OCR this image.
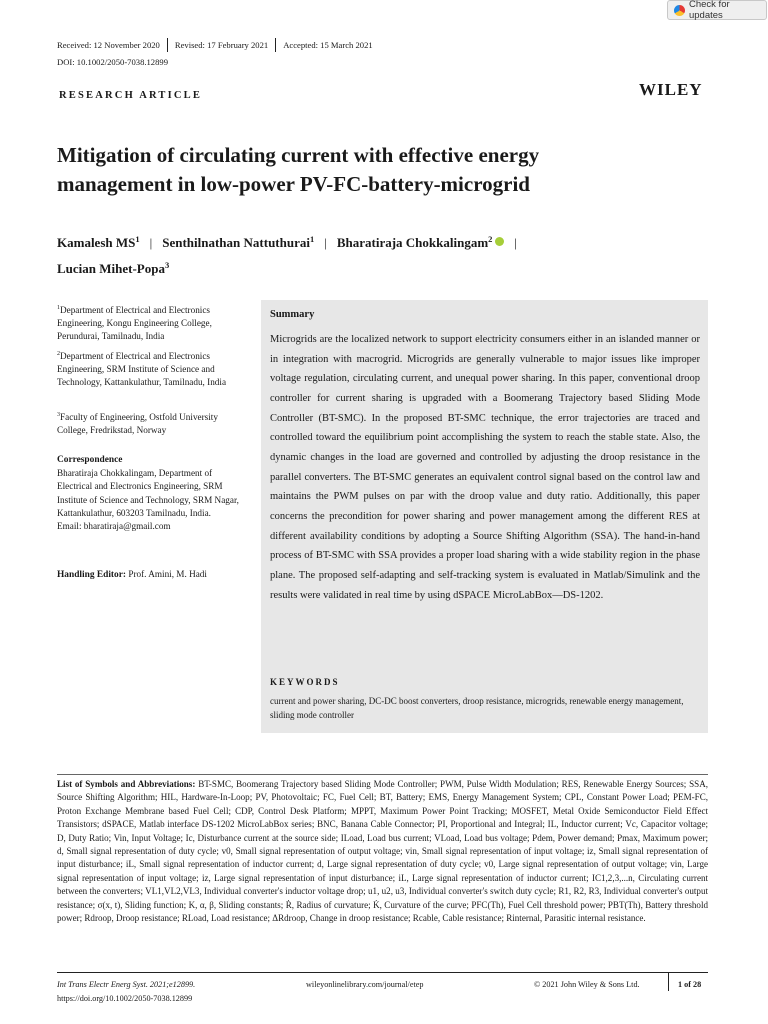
Check for updates
Received: 12 November 2020 Revised: 17 February 2021 Accepted: 15 March 2021
DOI: 10.1002/2050-7038.12899
RESEARCH ARTICLE	WILEY
Mitigation of circulating current with effective energy
management in low-power PV-FC-battery-microgrid
Kamalesh $MS^1$ | Senthilnathan Nattuthurai$^1$ | Bharatiraja Chokkalingam$^2$ |
Lucian Mihet-Popa$^3$
$^1$Department of Electrical and Electronics Engineering, Kongu Engineering College, Perundurai, Tamilnadu, India
$^2$Department of Electrical and Electronics Engineering, SRM Institute of Science and Technology, Kattankulathur, Tamilnadu, India
$^3$Faculty of Engineering, Ostfold University College, Fredrikstad, Norway
Correspondence
Bharatiraja Chokkalingam, Department of Electrical and Electronics Engineering, SRM Institute of Science and Technology, SRM Nagar, Kattankulathur, 603203 Tamilnadu, India.
Email: bharatiraja@gmail.com
Handling Editor: Prof. Amini, M. Hadi
Summary
Microgrids are the localized network to support electricity consumers either in an islanded manner or in integration with macrogrid. Microgrids are generally vulnerable to major issues like improper voltage regulation, circulating current, and unequal power sharing. In this paper, conventional droop controller for current sharing is upgraded with a Boomerang Trajectory based Sliding Mode Controller (BT-SMC). In the proposed BT-SMC technique, the error trajectories are traced and controlled toward the equilibrium point accomplishing the system to reach the stable state. Also, the dynamic changes in the load are governed and controlled by adjusting the droop resistance in the parallel converters. The BT-SMC generates an equivalent control signal based on the control law and maintains the PWM pulses on par with the droop value and duty ratio. Additionally, this paper concerns the precondition for power sharing and power management among the different RES at different availability conditions by adopting a Source Shifting Algorithm (SSA). The hand-in-hand process of BT-SMC with SSA provides a proper load sharing with a wide stability region in the phase plane. The proposed self-adapting and self-tracking system is evaluated in Matlab/Simulink and the results were validated in real time by using dSPACE MicroLabBox—DS-1202.
KEYWORDS
current and power sharing, DC-DC boost converters, droop resistance, microgrids, renewable energy management, sliding mode controller
List of Symbols and Abbreviations: BT-SMC, Boomerang Trajectory based Sliding Mode Controller; PWM, Pulse Width Modulation; RES, Renewable Energy Sources; SSA, Source Shifting Algorithm; HIL, Hardware-In-Loop; PV, Photovoltaic; FC, Fuel Cell; BT, Battery; EMS, Energy Management System; CPL, Constant Power Load; PEM-FC, Proton Exchange Membrane based Fuel Cell; CDP, Control Desk Platform; MPPT, Maximum Power Point Tracking; MOSFET, Metal Oxide Semiconductor Field Effect Transistors; dSPACE, Matlab interface DS-1202 MicroLabBox series; BNC, Banana Cable Connector; PI, Proportional and Integral; IL, Inductor current; Vc, Capacitor voltage; D, Duty Ratio; Vin, Input Voltage; Ic, Disturbance current at the source side; ILoad, Load bus current; VLoad, Load bus voltage; Pdem, Power demand; Pmax, Maximum power; d, Small signal representation of duty cycle; v0, Small signal representation of output voltage; vin, Small signal representation of input voltage; iz, Small signal representation of input disturbance; iL, Small signal representation of inductor current; d, Large signal representation of duty cycle; v0, Large signal representation of output voltage; vin, Large signal representation of input voltage; iz, Large signal representation of input disturbance; iL, Large signal representation of inductor current; IC1,2,3,...n, Circulating current between the converters; VL1,VL2,VL3, Individual converter's inductor voltage drop; u1, u2, u3, Individual converter's switch duty cycle; R1, R2, R3, Individual converter's output resistance; σ(x, t), Sliding function; K, α, β, Sliding constants; Ṙ, Radius of curvature; K̇, Curvature of the curve; PFC(Th), Fuel Cell threshold power; PBT(Th), Battery threshold power; Rdroop, Droop resistance; RLoad, Load resistance; ΔRdroop, Change in droop resistance; Rcable, Cable resistance; Rinternal, Parasitic internal resistance.
Int Trans Electr Energ Syst. 2021;e12899.
https://doi.org/10.1002/2050-7038.12899
wileyonlinelibrary.com/journal/etep	© 2021 John Wiley & Sons Ltd.	1 of 28
